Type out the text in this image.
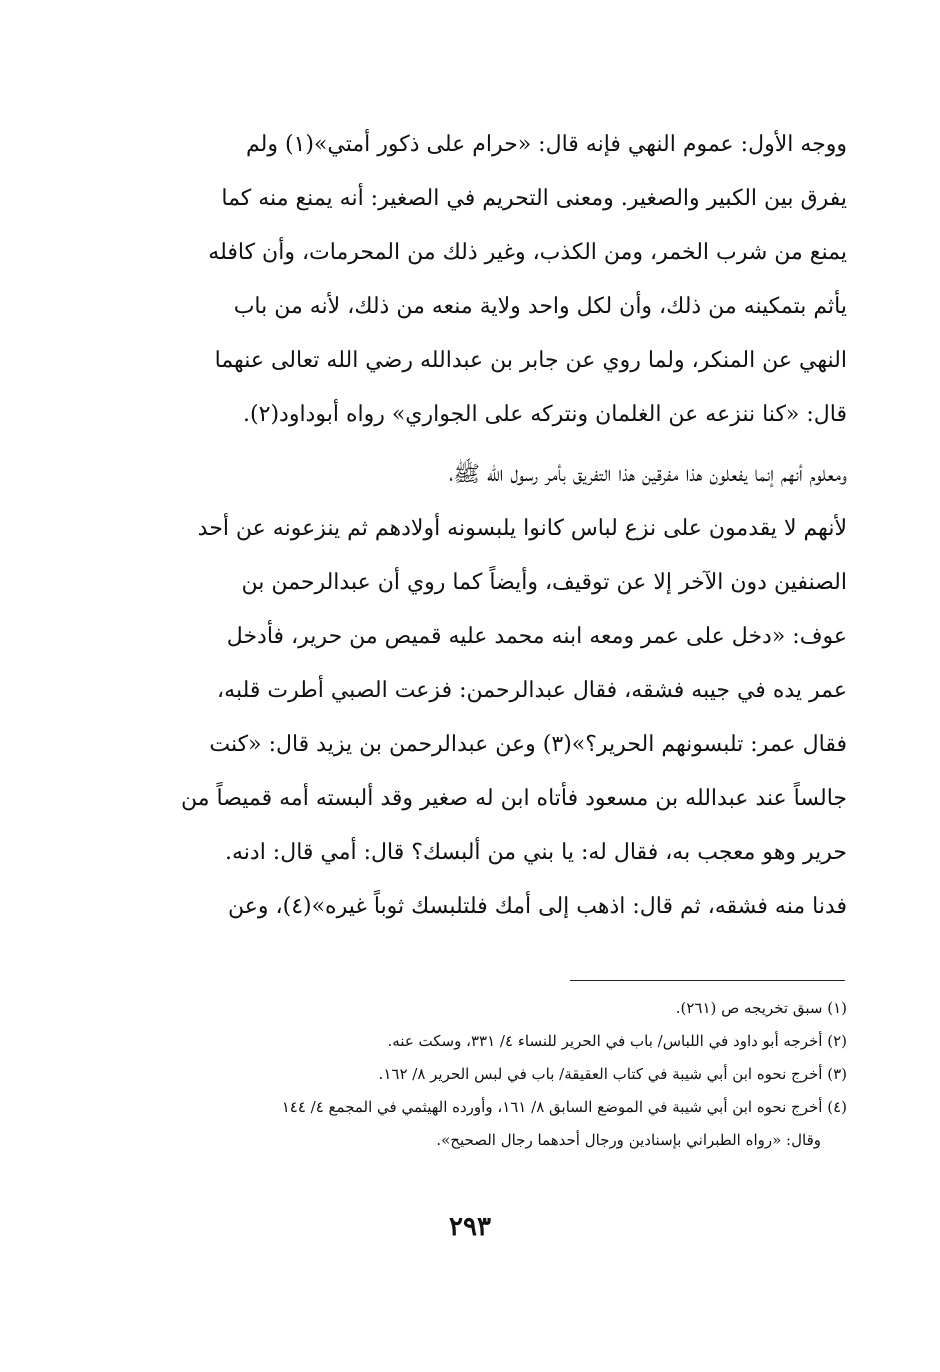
ووجه الأول: عموم النهي فإنه قال: «حرام على ذكور أمتي»(١) ولم
يفرق بين الكبير والصغير. ومعنى التحريم في الصغير: أنه يمنع منه كما
يمنع من شرب الخمر، ومن الكذب، وغير ذلك من المحرمات، وأن كافله
يأثم بتمكينه من ذلك، وأن لكل واحد ولاية منعه من ذلك، لأنه من باب
النهي عن المنكر، ولما روي عن جابر بن عبدالله رضي الله تعالى عنهما
قال: «كنا ننزعه عن الغلمان ونتركه على الجواري» رواه أبوداود(٢).
ومعلوم أنهم إنما يفعلون هذا مفرقين هذا التفريق بأمر رسول الله ﷺ،
لأنهم لا يقدمون على نزع لباس كانوا يلبسونه أولادهم ثم ينزعونه عن أحد
الصنفين دون الآخر إلا عن توقيف، وأيضاً كما روي أن عبدالرحمن بن
عوف: «دخل على عمر ومعه ابنه محمد عليه قميص من حرير، فأدخل
عمر يده في جيبه فشقه، فقال عبدالرحمن: فزعت الصبي أطرت قلبه،
فقال عمر: تلبسونهم الحرير؟»(٣) وعن عبدالرحمن بن يزيد قال: «كنت
جالساً عند عبدالله بن مسعود فأتاه ابن له صغير وقد ألبسته أمه قميصاً من
حرير وهو معجب به، فقال له: يا بني من ألبسك؟ قال: أمي قال: ادنه.
فدنا منه فشقه، ثم قال: اذهب إلى أمك فلتلبسك ثوباً غيره»(٤)، وعن
(١) سبق تخريجه ص (٢٦١).
(٢) أخرجه أبو داود في اللباس/ باب في الحرير للنساء ٤/ ٣٣١، وسكت عنه.
(٣) أخرج نحوه ابن أبي شيبة في كتاب العقيقة/ باب في لبس الحرير ٨/ ١٦٢.
(٤) أخرج نحوه ابن أبي شيبة في الموضع السابق ٨/ ١٦١، وأورده الهيثمي في المجمع ٤/ ١٤٤
وقال: «رواه الطبراني بإسنادين ورجال أحدهما رجال الصحيح».
٢٩٣
